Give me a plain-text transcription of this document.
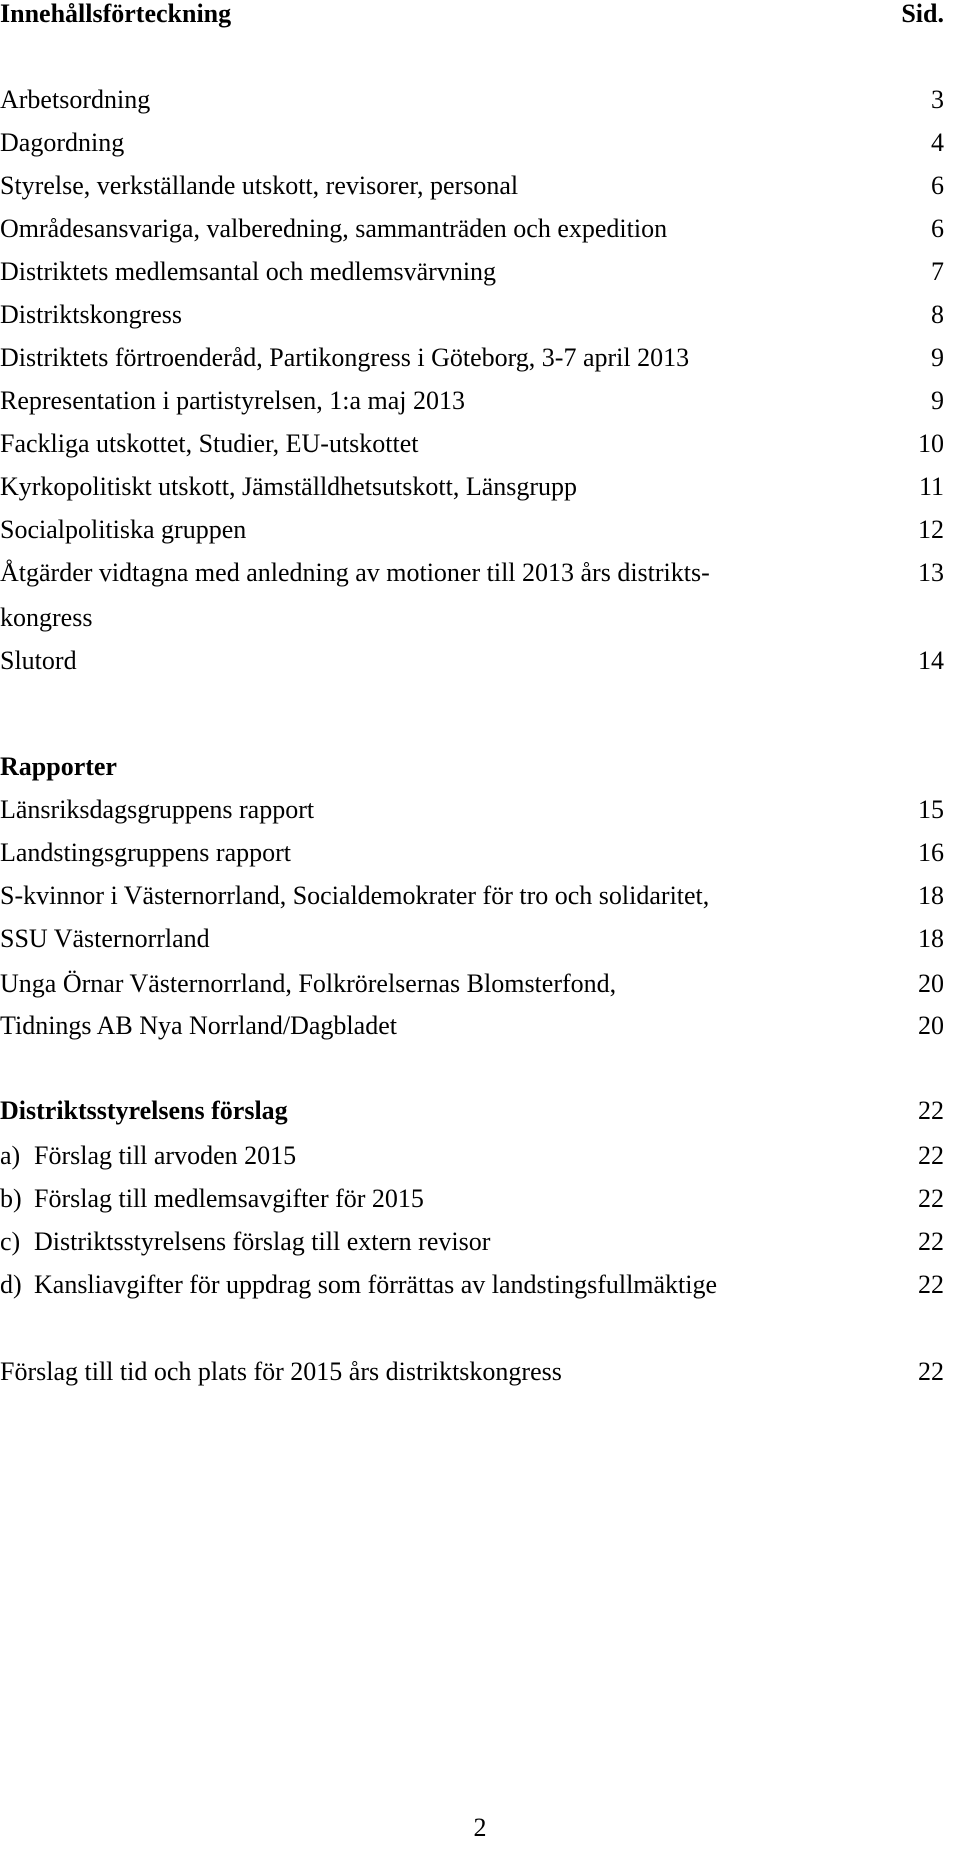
Innehållsförteckning	Sid.
Arbetsordning	3
Dagordning	4
Styrelse, verkställande utskott, revisorer, personal	6
Områdesansvariga, valberedning, sammanträden och expedition	6
Distriktets medlemsantal och medlemsvärvning	7
Distriktskongress	8
Distriktets förtroenderåd, Partikongress i Göteborg, 3-7 april 2013	9
Representation i partistyrelsen, 1:a maj 2013	9
Fackliga utskottet, Studier, EU-utskottet	10
Kyrkopolitiskt utskott, Jämställdhetsutskott, Länsgrupp	11
Socialpolitiska gruppen	12
Åtgärder vidtagna med anledning av motioner till 2013 års distrikts-	13
kongress
Slutord	14
Rapporter
Länsriksdagsgruppens rapport	15
Landstingsgruppens rapport	16
S-kvinnor i Västernorrland, Socialdemokrater för tro och solidaritet,	18
SSU Västernorrland	18
Unga Örnar Västernorrland, Folkrörelsernas Blomsterfond,	20
Tidnings AB Nya Norrland/Dagbladet	20
Distriktsstyrelsens förslag	22
a) Förslag till arvoden 2015	22
b) Förslag till medlemsavgifter för 2015	22
c) Distriktsstyrelsens förslag till extern revisor	22
d) Kansliavgifter för uppdrag som förrättas av landstingsfullmäktige	22
Förslag till tid och plats för 2015 års distriktskongress	22
2
